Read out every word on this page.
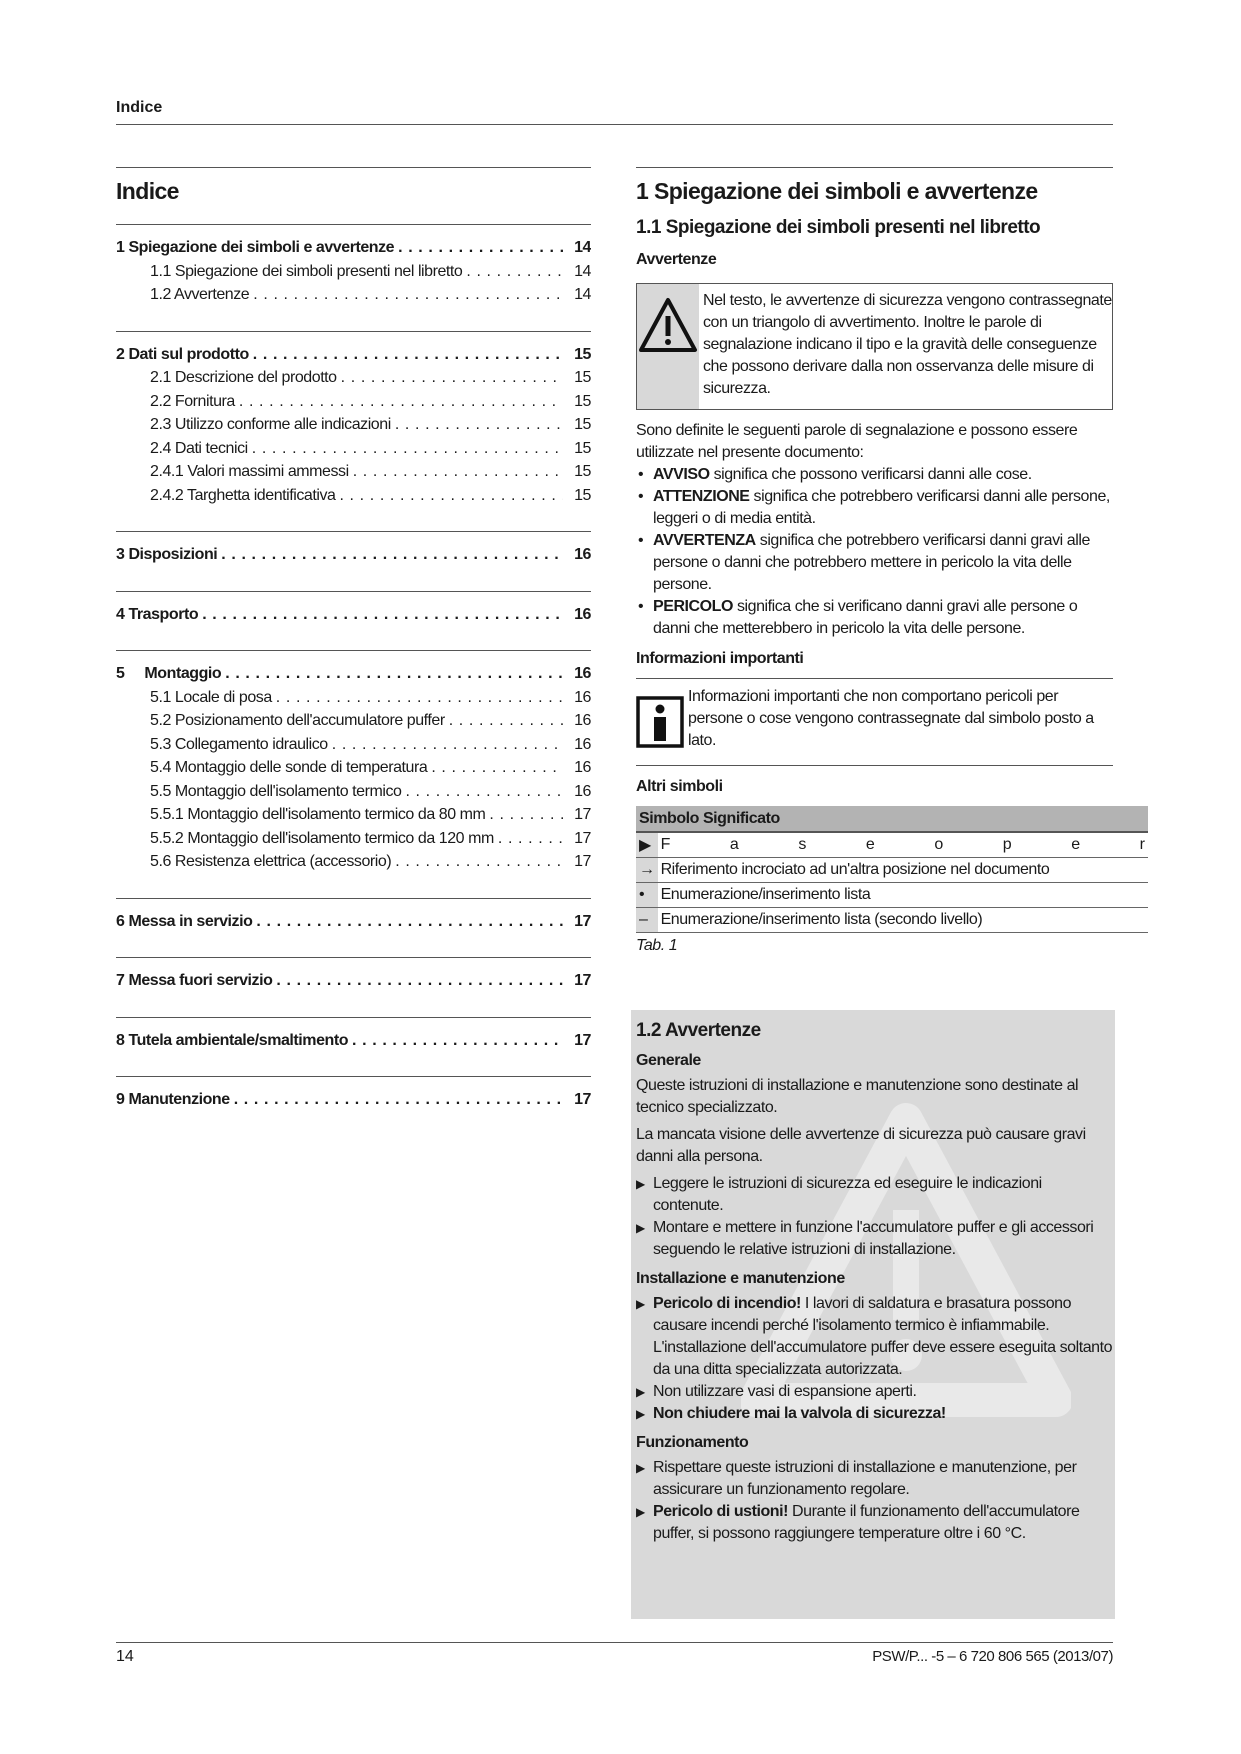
Indice
Indice
1 Spiegazione dei simboli e avvertenze . . .	14
1.1 Spiegazione dei simboli presenti nel libretto . . .	14
1.2 Avvertenze . . .	14
2 Dati sul prodotto . . .	15
2.1 Descrizione del prodotto . . .	15
2.2 Fornitura . . .	15
2.3 Utilizzo conforme alle indicazioni . . .	15
2.4 Dati tecnici . . .	15
2.4.1 Valori massimi ammessi . . .	15
2.4.2 Targhetta identificativa . . .	15
3 Disposizioni . . .	16
4 Trasporto . . .	16
5     Montaggio . . .	16
5.1 Locale di posa . . .	16
5.2 Posizionamento dell'accumulatore puffer . . .	16
5.3 Collegamento idraulico . . .	16
5.4 Montaggio delle sonde di temperatura . . .	16
5.5 Montaggio dell'isolamento termico . . .	16
5.5.1 Montaggio dell'isolamento termico da 80 mm . . .	17
5.5.2 Montaggio dell'isolamento termico da 120 mm . . .	17
5.6 Resistenza elettrica (accessorio) . . .	17
6 Messa in servizio . . .	17
7 Messa fuori servizio . . .	17
8 Tutela ambientale/smaltimento . . .	17
9 Manutenzione . . .	17
1 Spiegazione dei simboli e avvertenze
1.1 Spiegazione dei simboli presenti nel libretto
Avvertenze

Nel testo, le avvertenze di sicurezza vengono contrassegnate con un triangolo di avvertimento. Inoltre le parole di segnalazione indicano il tipo e la gravità delle conseguenze che possono derivare dalla non osservanza delle misure di sicurezza.

Sono definite le seguenti parole di segnalazione e possono essere utilizzate nel presente documento:

• AVVISO significa che possono verificarsi danni alle cose.
• ATTENZIONE significa che potrebbero verificarsi danni alle persone, leggeri o di media entità.
• AVVERTENZA significa che potrebbero verificarsi danni gravi alle persone o danni che potrebbero mettere in pericolo la vita delle persone.
• PERICOLO significa che si verificano danni gravi alle persone o danni che metterebbero in pericolo la vita delle persone.
Informazioni importanti

Informazioni importanti che non comportano pericoli per persone o cose vengono contrassegnate dal simbolo posto a lato.

Altri simboli
Simbolo Significato	
▶	F a s e o p e r
→	Riferimento incrociato ad un'altra posizione nel documento
•	Enumerazione/inserimento lista
–	Enumerazione/inserimento lista (secondo livello)

Tab. 1

1.2 Avvertenze
Generale

Queste istruzioni di installazione e manutenzione sono destinate al tecnico specializzato.

La mancata visione delle avvertenze di sicurezza può causare gravi danni alla persona.

▶ Leggere le istruzioni di sicurezza ed eseguire le indicazioni contenute.
▶ Montare e mettere in funzione l'accumulatore puffer e gli accessori seguendo le relative istruzioni di installazione.
Installazione e manutenzione
▶ Pericolo di incendio! I lavori di saldatura e brasatura possono causare incendi perché l'isolamento termico è infiammabile. L'installazione dell'accumulatore puffer deve essere eseguita soltanto da una ditta specializzata autorizzata.
▶ Non utilizzare vasi di espansione aperti.
▶ Non chiudere mai la valvola di sicurezza!
Funzionamento
▶ Rispettare queste istruzioni di installazione e manutenzione, per assicurare un funzionamento regolare.
▶ Pericolo di ustioni! Durante il funzionamento dell'accumulatore puffer, si possono raggiungere temperature oltre i 60 °C.
14	PSW/P... -5 – 6 720 806 565 (2013/07)
